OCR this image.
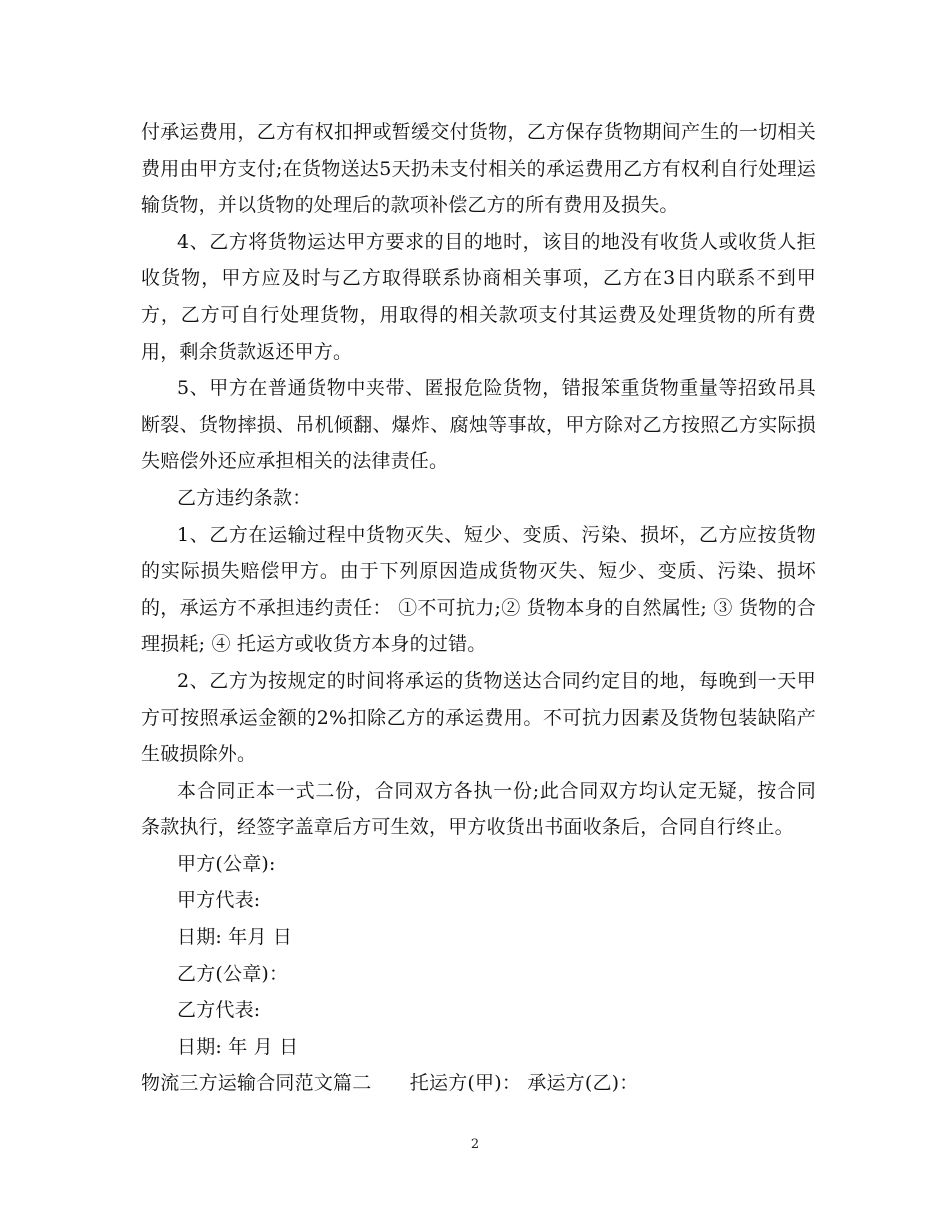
付承运费用，乙方有权扣押或暂缓交付货物，乙方保存货物期间产生的一切相关费用由甲方支付;在货物送达5天扔未支付相关的承运费用乙方有权利自行处理运输货物，并以货物的处理后的款项补偿乙方的所有费用及损失。

4、乙方将货物运达甲方要求的目的地时，该目的地没有收货人或收货人拒收货物，甲方应及时与乙方取得联系协商相关事项，乙方在3日内联系不到甲方，乙方可自行处理货物，用取得的相关款项支付其运费及处理货物的所有费用，剩余货款返还甲方。

5、甲方在普通货物中夹带、匿报危险货物，错报笨重货物重量等招致吊具断裂、货物摔损、吊机倾翻、爆炸、腐烛等事故，甲方除对乙方按照乙方实际损失赔偿外还应承担相关的法律责任。

乙方违约条款：

1、乙方在运输过程中货物灭失、短少、变质、污染、损坏，乙方应按货物的实际损失赔偿甲方。由于下列原因造成货物灭失、短少、变质、污染、损坏的，承运方不承担违约责任： ①不可抗力;② 货物本身的自然属性; ③ 货物的合理损耗; ④ 托运方或收货方本身的过错。

2、乙方为按规定的时间将承运的货物送达合同约定目的地，每晚到一天甲方可按照承运金额的2%扣除乙方的承运费用。不可抗力因素及货物包装缺陷产生破损除外。

本合同正本一式二份，合同双方各执一份;此合同双方均认定无疑，按合同条款执行，经签字盖章后方可生效，甲方收货出书面收条后，合同自行终止。

甲方(公章):

甲方代表:

日期: 年月 日

乙方(公章)：

乙方代表:

日期: 年 月 日

物流三方运输合同范文篇二　　托运方(甲)： 承运方(乙)：

2
